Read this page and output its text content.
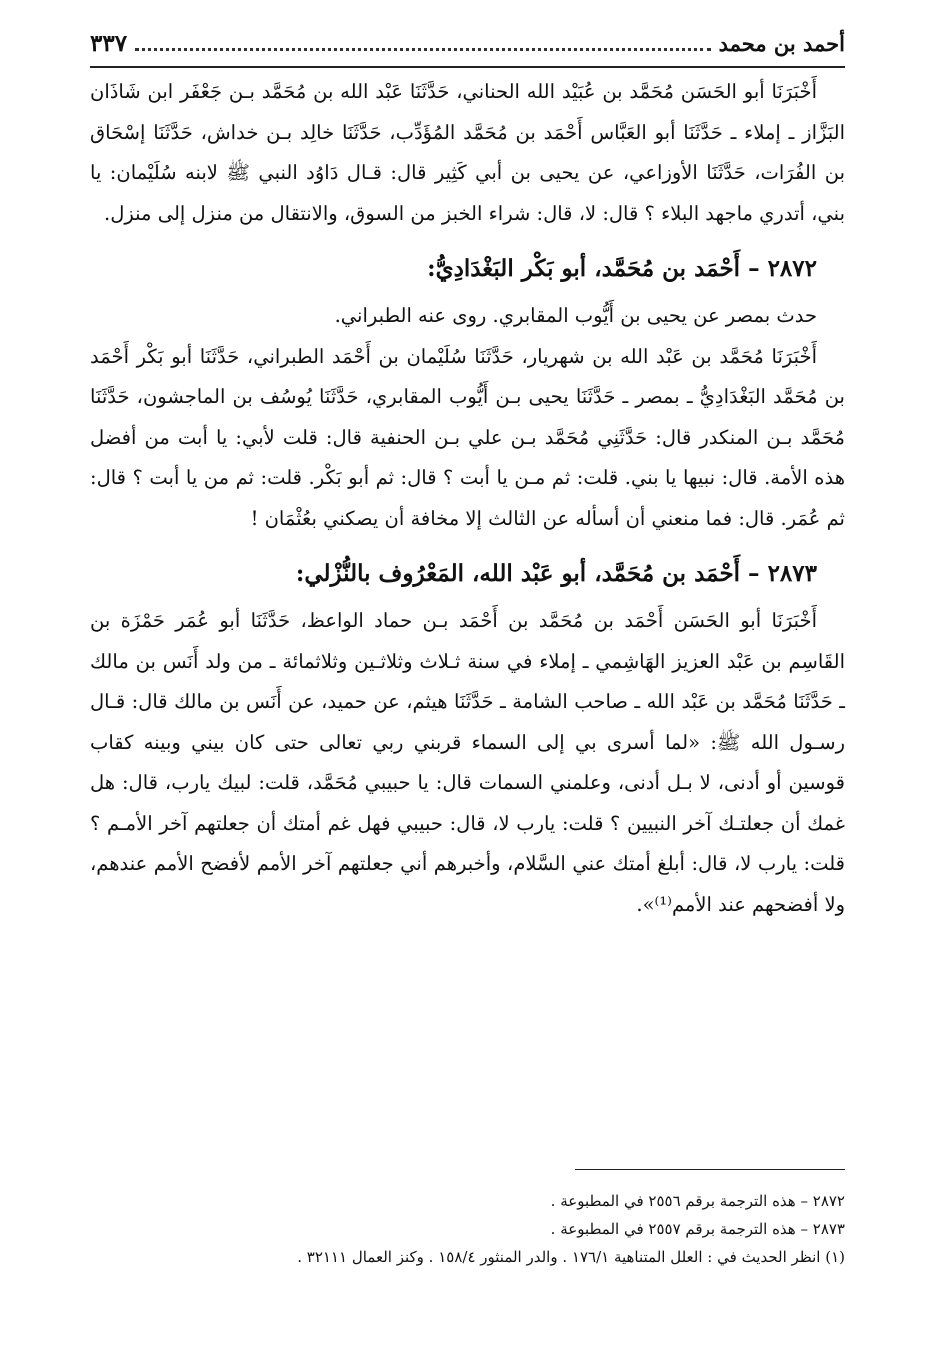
أحمد بن محمد
٣٣٧

أَخْبَرَنَا أبو الحَسَن مُحَمَّد بن عُبَيْد الله الحناني، حَدَّثَنَا عَبْد الله بن مُحَمَّد بـن جَعْفَر ابن شَاذَان البَزَّاز ـ إملاء ـ حَدَّثَنَا أبو العَبَّاس أَحْمَد بن مُحَمَّد المُؤَدِّب، حَدَّثَنَا خالِد بـن خداش، حَدَّثَنَا إسْحَاق بن الفُرَات، حَدَّثَنَا الأوزاعي، عن يحيى بن أبي كَثِير قال: قـال دَاوُد النبي ﷺ لابنه سُلَيْمان: يا بني، أتدري ماجهد البلاء ؟ قال: لا، قال: شراء الخبز من السوق، والانتقال من منزل إلى منزل.

٢٨٧٢ – أَحْمَد بن مُحَمَّد، أبو بَكْر البَغْدَادِيُّ:

حدث بمصر عن يحيى بن أَيُّوب المقابري. روى عنه الطبراني.

أَخْبَرَنَا مُحَمَّد بن عَبْد الله بن شهريار، حَدَّثَنَا سُلَيْمان بن أَحْمَد الطبراني، حَدَّثَنَا أبو بَكْر أَحْمَد بن مُحَمَّد البَغْدَادِيُّ ـ بمصر ـ حَدَّثَنَا يحيى بـن أَيُّوب المقابري، حَدَّثَنَا يُوسُف بن الماجشون، حَدَّثَنَا مُحَمَّد بـن المنكدر قال: حَدَّثَنِي مُحَمَّد بـن علي بـن الحنفية قال: قلت لأبي: يا أبت من أفضل هذه الأمة. قال: نبيها يا بني. قلت: ثم مـن يا أبت ؟ قال: ثم أبو بَكْر. قلت: ثم من يا أبت ؟ قال: ثم عُمَر. قال: فما منعني أن أسأله عن الثالث إلا مخافة أن يصكني بعُثْمَان !

٢٨٧٣ – أَحْمَد بن مُحَمَّد، أبو عَبْد الله، المَعْرُوف بالنُّزْلي:

أَخْبَرَنَا أبو الحَسَن أَحْمَد بن مُحَمَّد بن أَحْمَد بـن حماد الواعظ، حَدَّثَنَا أبو عُمَر حَمْزَة بن القَاسِم بن عَبْد العزيز الهَاشِمي ـ إملاء في سنة ثـلاث وثلاثـين وثلاثمائة ـ من ولد أَنَس بن مالك ـ حَدَّثَنَا مُحَمَّد بن عَبْد الله ـ صاحب الشامة ـ حَدَّثَنَا هيثم، عن حميد، عن أَنَس بن مالك قال: قـال رسـول الله ﷺ: «لما أسرى بي إلى السماء قربني ربي تعالى حتى كان بيني وبينه كقاب قوسين أو أدنى، لا بـل أدنى، وعلمني السمات قال: يا حبيبي مُحَمَّد، قلت: لبيك يارب، قال: هل غمك أن جعلتـك آخر النبيين ؟ قلت: يارب لا، قال: حبيبي فهل غم أمتك أن جعلتهم آخر الأمـم ؟ قلت: يارب لا، قال: أبلغ أمتك عني السَّلام، وأخبرهم أني جعلتهم آخر الأمم لأفضح الأمم عندهم، ولا أفضحهم عند الأمم⁽¹⁾».

٢٨٧٢ – هذه الترجمة برقم ٢٥٥٦ في المطبوعة .

٢٨٧٣ – هذه الترجمة برقم ٢٥٥٧ في المطبوعة .

(١) انظر الحديث في : العلل المتناهية ١٧٦/١ . والدر المنثور ١٥٨/٤ . وكنز العمال ٣٢١١١ .
